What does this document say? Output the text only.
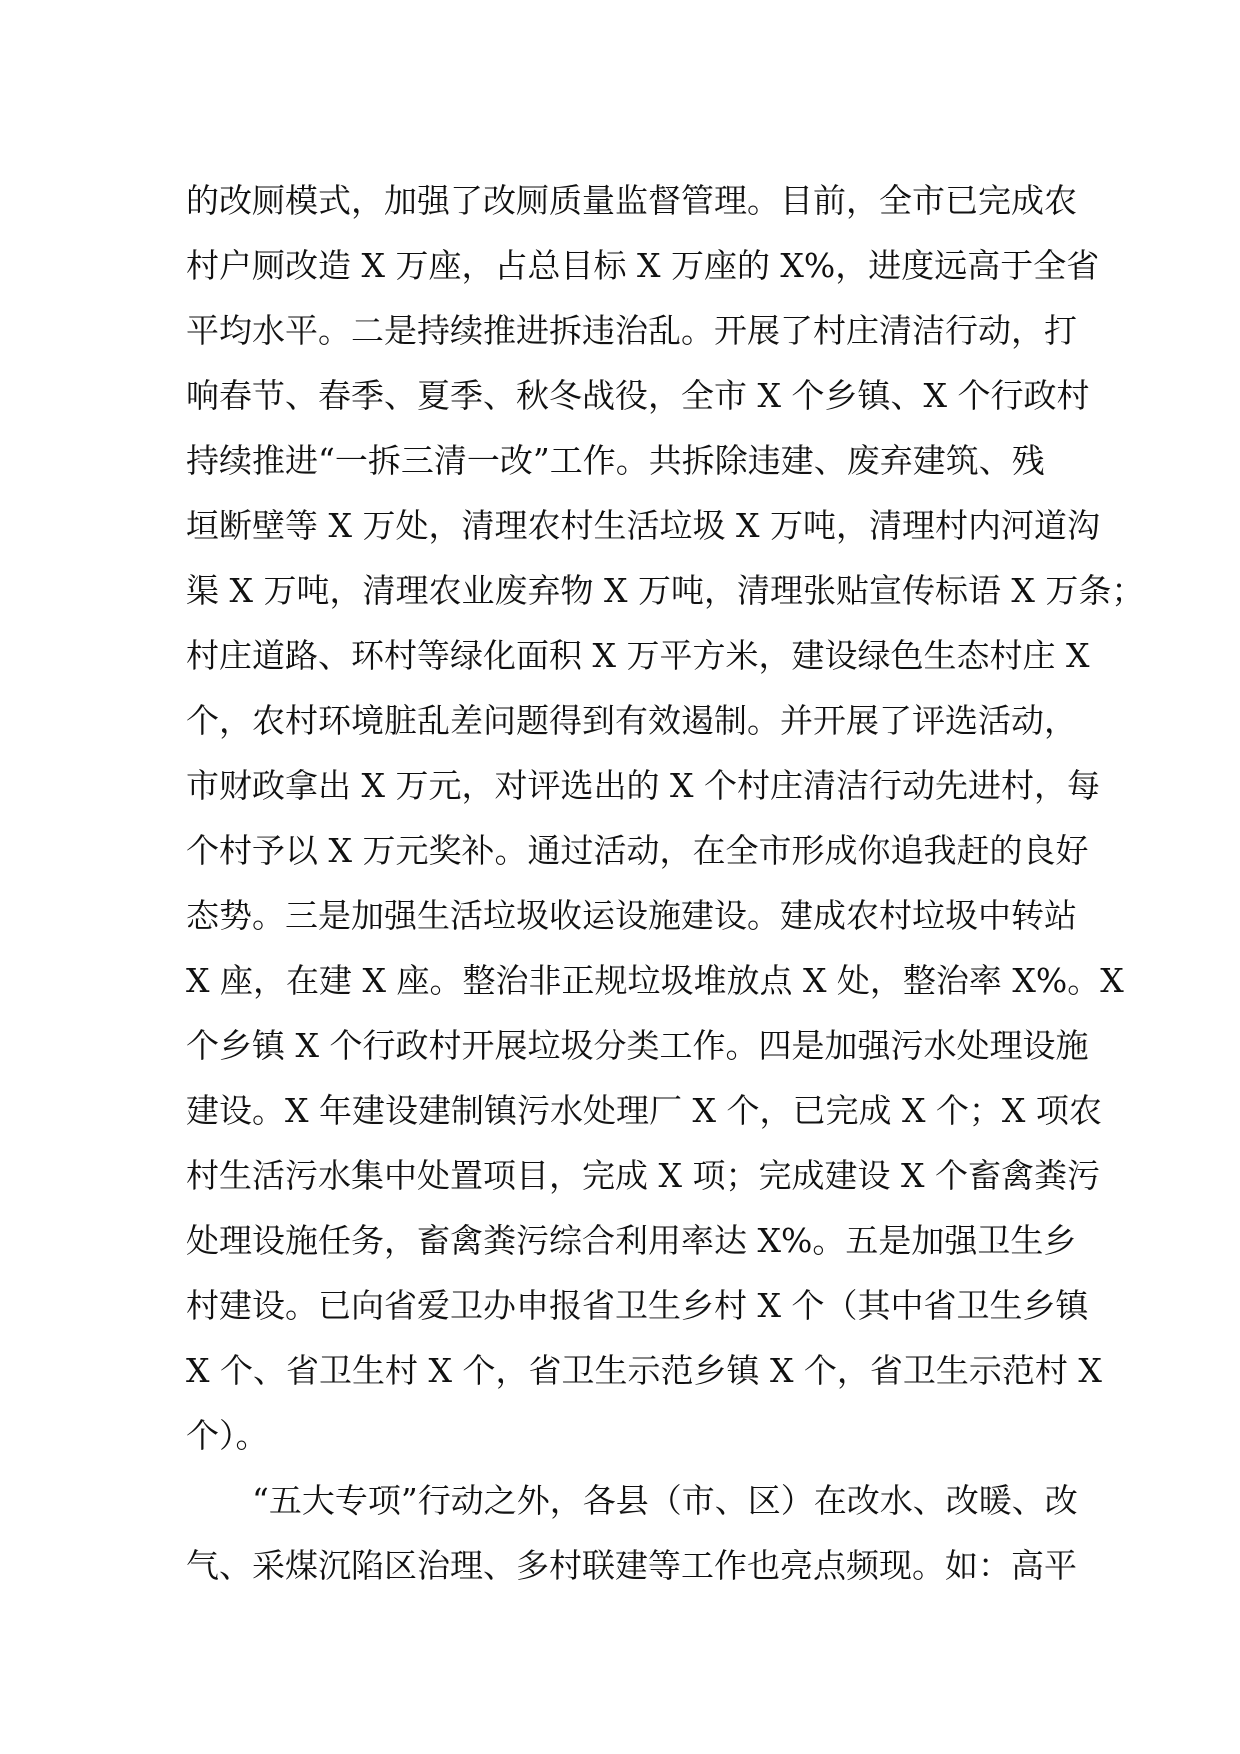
的改厕模式，加强了改厕质量监督管理。目前，全市已完成农
村户厕改造 X 万座，占总目标 X 万座的 X%，进度远高于全省
平均水平。二是持续推进拆违治乱。开展了村庄清洁行动，打
响春节、春季、夏季、秋冬战役，全市 X 个乡镇、X 个行政村
持续推进“一拆三清一改”工作。共拆除违建、废弃建筑、残
垣断壁等 X 万处，清理农村生活垃圾 X 万吨，清理村内河道沟
渠 X 万吨，清理农业废弃物 X 万吨，清理张贴宣传标语 X 万条；
村庄道路、环村等绿化面积 X 万平方米，建设绿色生态村庄 X
个，农村环境脏乱差问题得到有效遏制。并开展了评选活动，
市财政拿出 X 万元，对评选出的 X 个村庄清洁行动先进村，每
个村予以 X 万元奖补。通过活动，在全市形成你追我赶的良好
态势。三是加强生活垃圾收运设施建设。建成农村垃圾中转站
X 座，在建 X 座。整治非正规垃圾堆放点 X 处，整治率 X%。X
个乡镇 X 个行政村开展垃圾分类工作。四是加强污水处理设施
建设。X 年建设建制镇污水处理厂 X 个，已完成 X 个；X 项农
村生活污水集中处置项目，完成 X 项；完成建设 X 个畜禽粪污
处理设施任务，畜禽粪污综合利用率达 X%。五是加强卫生乡
村建设。已向省爱卫办申报省卫生乡村 X 个（其中省卫生乡镇
X 个、省卫生村 X 个，省卫生示范乡镇 X 个，省卫生示范村 X
个）。
“五大专项”行动之外，各县（市、区）在改水、改暖、改
气、采煤沉陷区治理、多村联建等工作也亮点频现。如：高平
